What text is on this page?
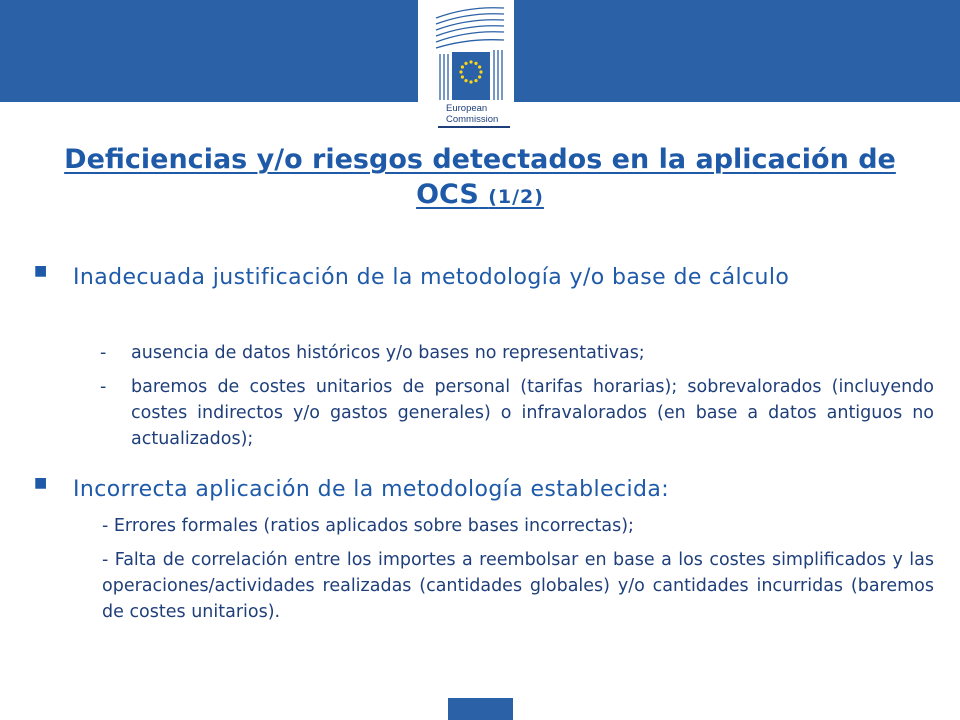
European
Commission
Deficiencias y/o riesgos detectados en la aplicación de OCS (1/2)
■	Inadecuada justificación de la metodología y/o base de cálculo
- ausencia de datos históricos y/o bases no representativas;
- baremos de costes unitarios de personal (tarifas horarias); sobrevalorados (incluyendo costes indirectos y/o gastos generales) o infravalorados (en base a datos antiguos no actualizados);
■	Incorrecta aplicación de la metodología establecida:
- Errores formales (ratios aplicados sobre bases incorrectas);
- Falta de correlación entre los importes a reembolsar en base a los costes simplificados y las operaciones/actividades realizadas (cantidades globales) y/o cantidades incurridas (baremos de costes unitarios).
